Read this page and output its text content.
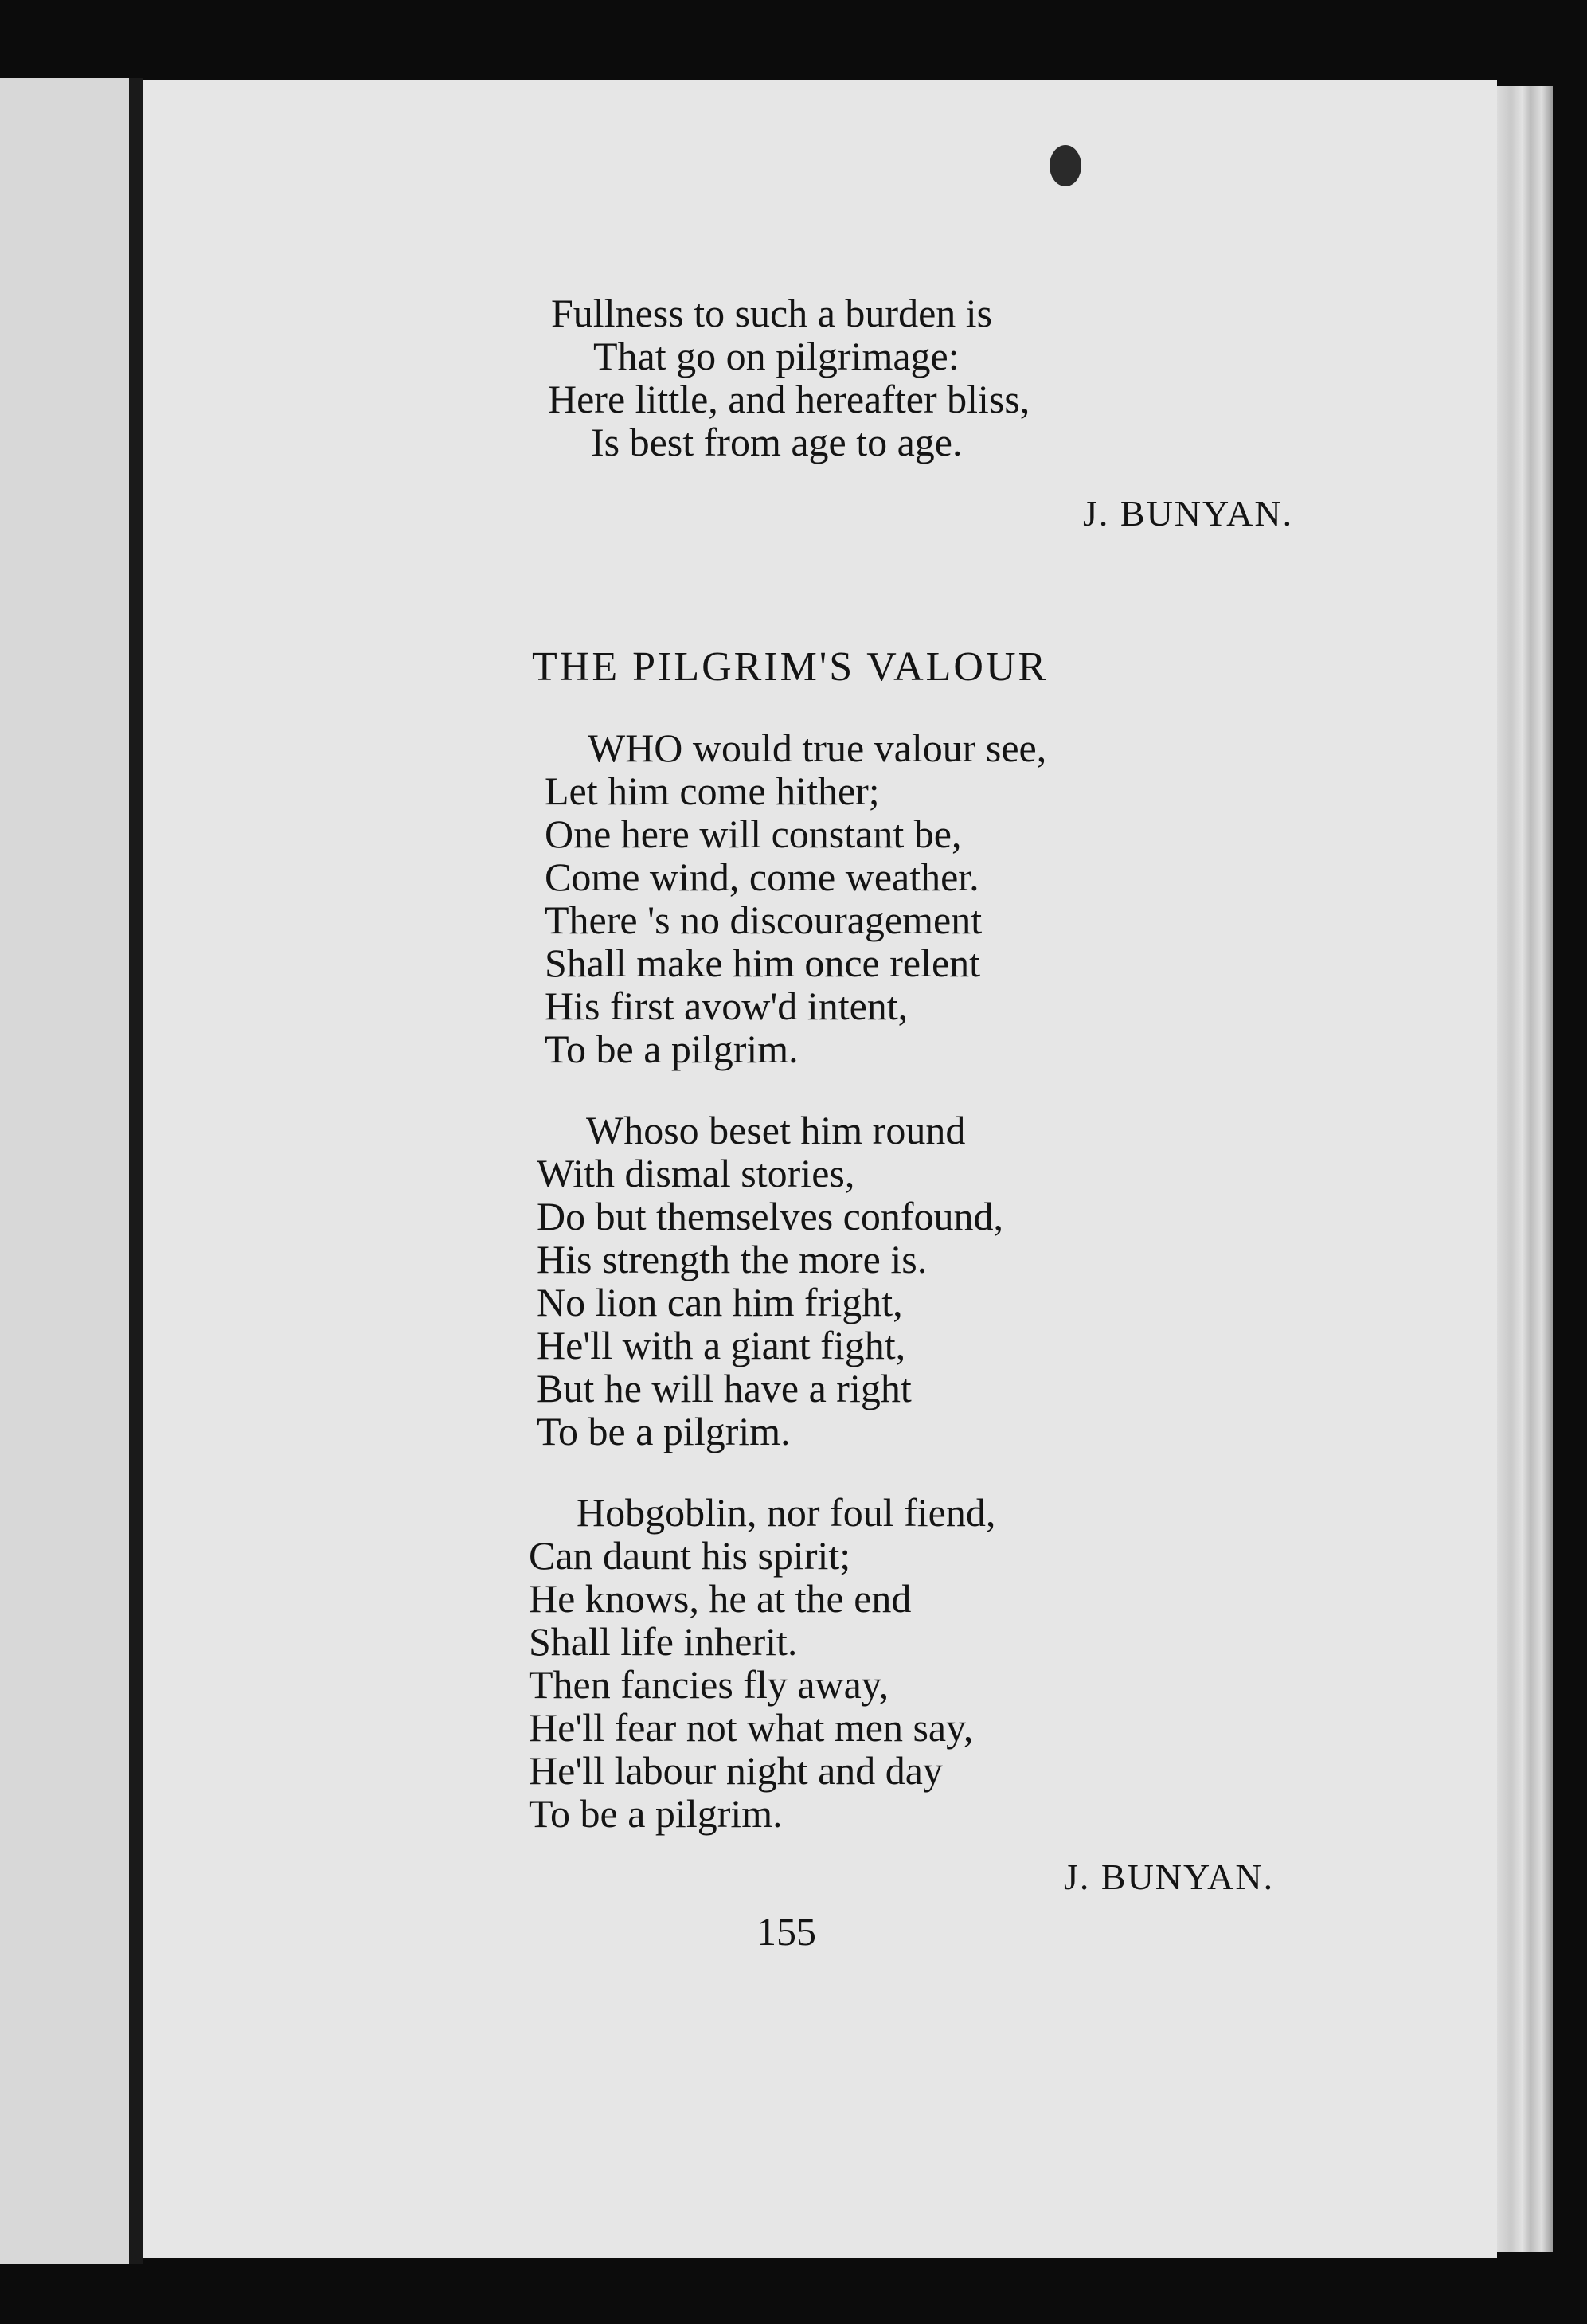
Fullness to such a burden is
That go on pilgrimage:
Here little, and hereafter bliss,
Is best from age to age.
J. BUNYAN.
THE PILGRIM'S VALOUR
WHO would true valour see,
Let him come hither;
One here will constant be,
Come wind, come weather.
There 's no discouragement
Shall make him once relent
His first avow'd intent,
To be a pilgrim.
Whoso beset him round
With dismal stories,
Do but themselves confound,
His strength the more is.
No lion can him fright,
He'll with a giant fight,
But he will have a right
To be a pilgrim.
Hobgoblin, nor foul fiend,
Can daunt his spirit;
He knows, he at the end
Shall life inherit.
Then fancies fly away,
He'll fear not what men say,
He'll labour night and day
To be a pilgrim.
J. BUNYAN.
155
